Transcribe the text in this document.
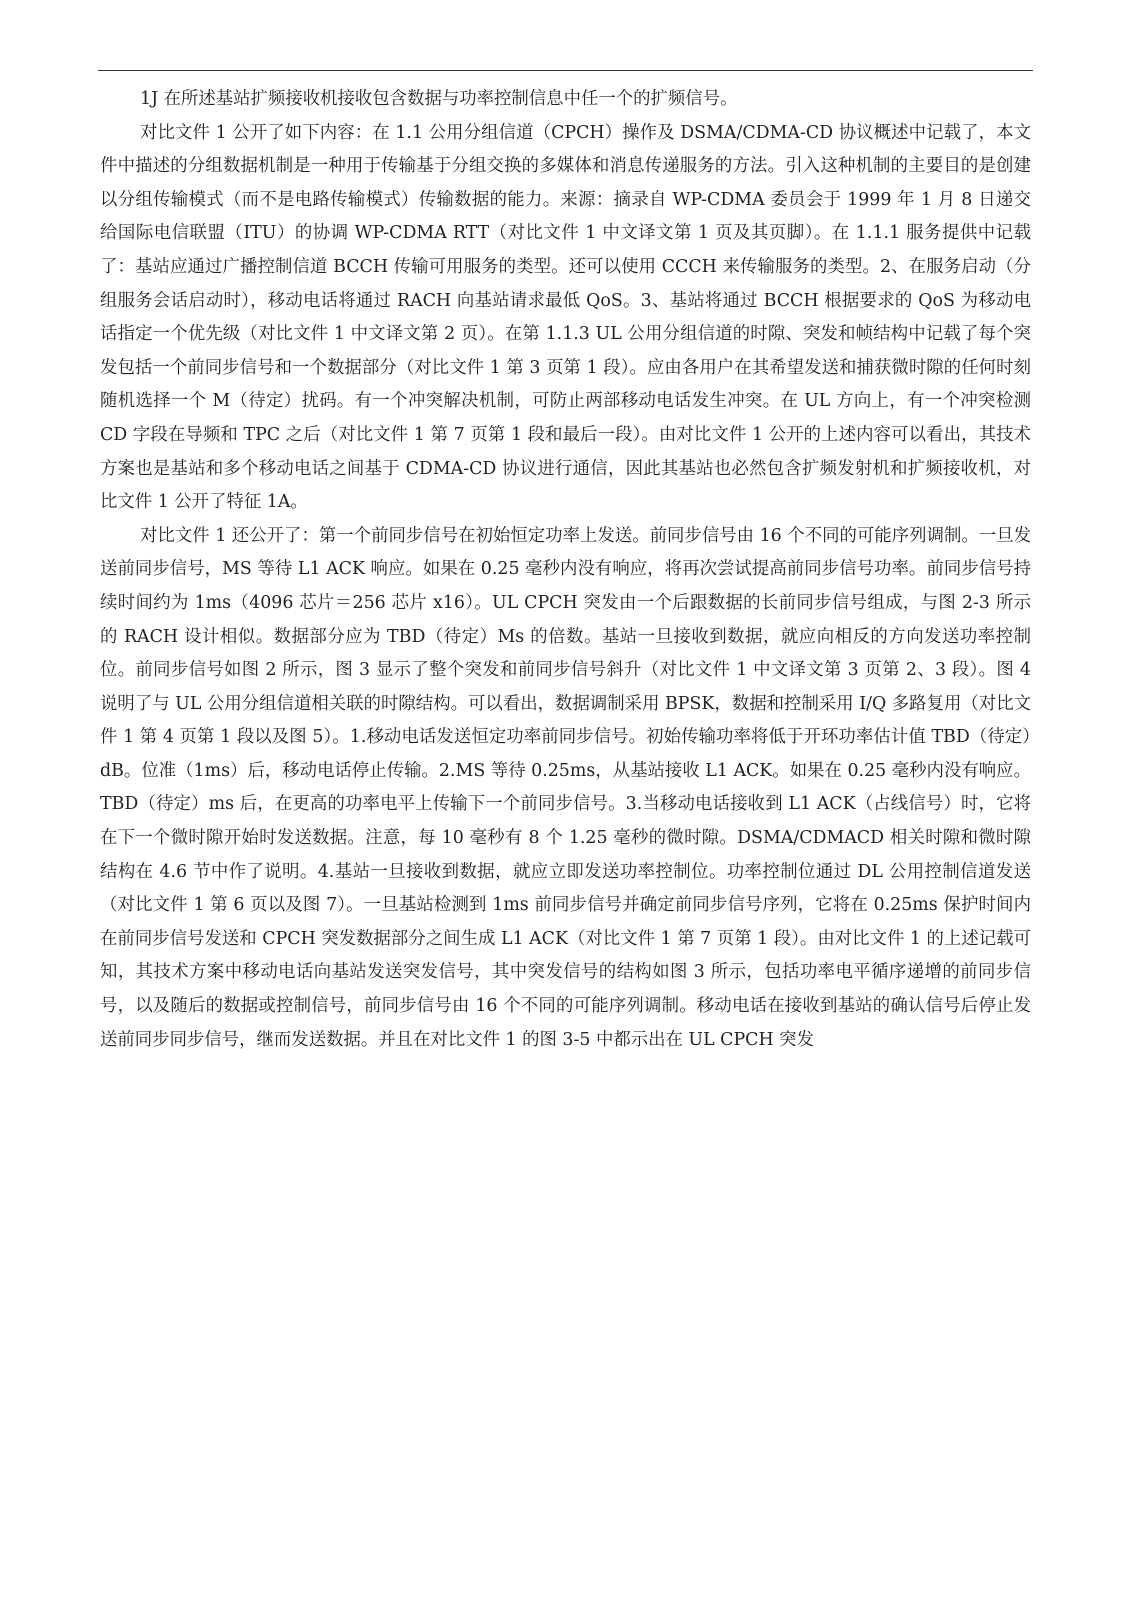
1J 在所述基站扩频接收机接收包含数据与功率控制信息中任一个的扩频信号。

对比文件 1 公开了如下内容：在 1.1 公用分组信道（CPCH）操作及 DSMA/CDMA-CD 协议概述中记载了，本文件中描述的分组数据机制是一种用于传输基于分组交换的多媒体和消息传递服务的方法。引入这种机制的主要目的是创建以分组传输模式（而不是电路传输模式）传输数据的能力。来源：摘录自 WP-CDMA 委员会于 1999 年 1 月 8 日递交给国际电信联盟（ITU）的协调 WP-CDMA RTT（对比文件 1 中文译文第 1 页及其页脚）。在 1.1.1 服务提供中记载了：基站应通过广播控制信道 BCCH 传输可用服务的类型。还可以使用 CCCH 来传输服务的类型。2、在服务启动（分组服务会话启动时），移动电话将通过 RACH 向基站请求最低 QoS。3、基站将通过 BCCH 根据要求的 QoS 为移动电话指定一个优先级（对比文件 1 中文译文第 2 页）。在第 1.1.3 UL 公用分组信道的时隙、突发和帧结构中记载了每个突发包括一个前同步信号和一个数据部分（对比文件 1 第 3 页第 1 段）。应由各用户在其希望发送和捕获微时隙的任何时刻随机选择一个 M（待定）扰码。有一个冲突解决机制，可防止两部移动电话发生冲突。在 UL 方向上，有一个冲突检测 CD 字段在导频和 TPC 之后（对比文件 1 第 7 页第 1 段和最后一段）。由对比文件 1 公开的上述内容可以看出，其技术方案也是基站和多个移动电话之间基于 CDMA-CD 协议进行通信，因此其基站也必然包含扩频发射机和扩频接收机，对比文件 1 公开了特征 1A。

对比文件 1 还公开了：第一个前同步信号在初始恒定功率上发送。前同步信号由 16 个不同的可能序列调制。一旦发送前同步信号，MS 等待 L1 ACK 响应。如果在 0.25 毫秒内没有响应，将再次尝试提高前同步信号功率。前同步信号持续时间约为 1ms（4096 芯片＝256 芯片 x16）。UL CPCH 突发由一个后跟数据的长前同步信号组成，与图 2-3 所示的 RACH 设计相似。数据部分应为 TBD（待定）Ms 的倍数。基站一旦接收到数据，就应向相反的方向发送功率控制位。前同步信号如图 2 所示，图 3 显示了整个突发和前同步信号斜升（对比文件 1 中文译文第 3 页第 2、3 段）。图 4 说明了与 UL 公用分组信道相关联的时隙结构。可以看出，数据调制采用 BPSK，数据和控制采用 I/Q 多路复用（对比文件 1 第 4 页第 1 段以及图 5）。1.移动电话发送恒定功率前同步信号。初始传输功率将低于开环功率估计值 TBD（待定）dB。位准（1ms）后，移动电话停止传输。2.MS 等待 0.25ms，从基站接收 L1 ACK。如果在 0.25 毫秒内没有响应。TBD（待定）ms 后，在更高的功率电平上传输下一个前同步信号。3.当移动电话接收到 L1 ACK（占线信号）时，它将在下一个微时隙开始时发送数据。注意，每 10 毫秒有 8 个 1.25 毫秒的微时隙。DSMA/CDMACD 相关时隙和微时隙结构在 4.6 节中作了说明。4.基站一旦接收到数据，就应立即发送功率控制位。功率控制位通过 DL 公用控制信道发送（对比文件 1 第 6 页以及图 7）。一旦基站检测到 1ms 前同步信号并确定前同步信号序列，它将在 0.25ms 保护时间内在前同步信号发送和 CPCH 突发数据部分之间生成 L1 ACK（对比文件 1 第 7 页第 1 段）。由对比文件 1 的上述记载可知，其技术方案中移动电话向基站发送突发信号，其中突发信号的结构如图 3 所示，包括功率电平循序递增的前同步信号，以及随后的数据或控制信号，前同步信号由 16 个不同的可能序列调制。移动电话在接收到基站的确认信号后停止发送前同步同步信号，继而发送数据。并且在对比文件 1 的图 3-5 中都示出在 UL CPCH 突发
